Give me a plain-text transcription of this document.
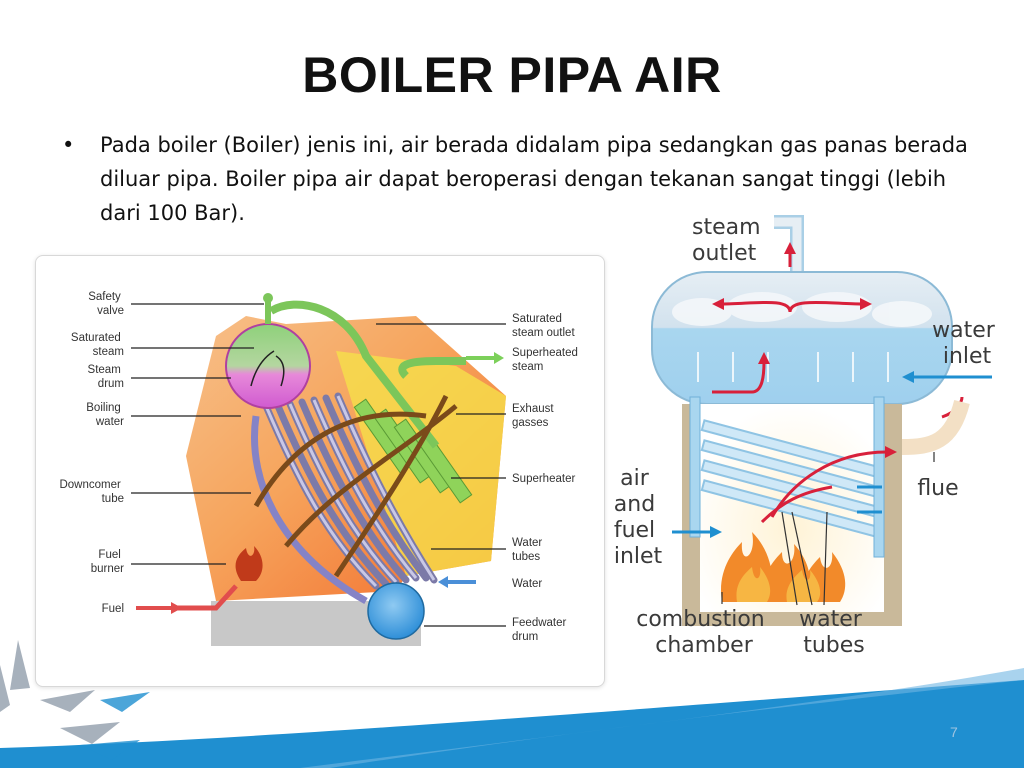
BOILER PIPA AIR
• Pada boiler (Boiler) jenis ini, air berada didalam pipa sedangkan gas panas berada diluar pipa. Boiler pipa air dapat beroperasi dengan tekanan sangat tinggi (lebih dari 100 Bar).
Safety valve
Saturated steam
Steam drum
Boiling water
Downcomer tube
Fuel burner
Fuel
Saturated steam outlet
Superheated steam
Exhaust gasses
Superheater
Water tubes
Water
Feedwater drum
steam outlet
water inlet
flue
air and fuel inlet
combustion chamber
water tubes
7
